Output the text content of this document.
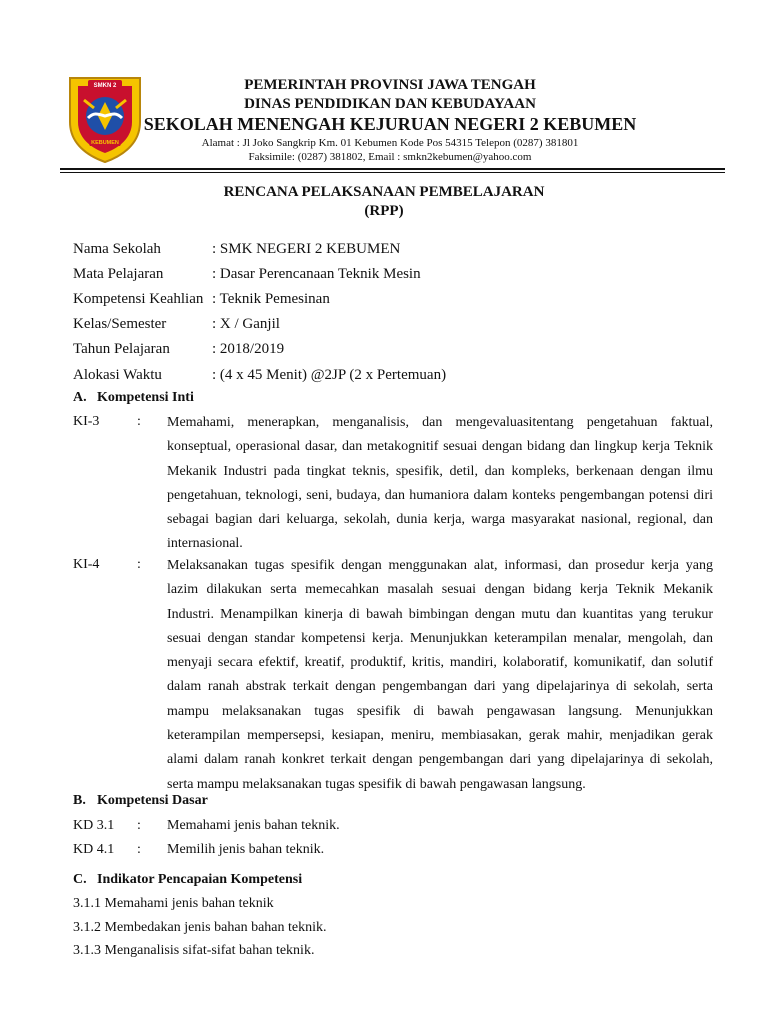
SMKN 2
KEBUMEN
PEMERINTAH PROVINSI JAWA TENGAH
DINAS PENDIDIKAN DAN KEBUDAYAAN
SEKOLAH MENENGAH KEJURUAN NEGERI 2 KEBUMEN
Alamat : Jl Joko Sangkrip Km. 01 Kebumen Kode Pos 54315 Telepon (0287) 381801
Faksimile: (0287) 381802, Email : smkn2kebumen@yahoo.com
RENCANA PELAKSANAAN PEMBELAJARAN
(RPP)
Nama Sekolah	: SMK NEGERI 2 KEBUMEN
Mata Pelajaran	: Dasar Perencanaan Teknik Mesin
Kompetensi Keahlian : Teknik Pemesinan
Kelas/Semester	: X / Ganjil
Tahun Pelajaran	: 2018/2019
Alokasi Waktu	: (4 x 45 Menit) @2JP (2 x Pertemuan)
A. Kompetensi Inti
KI-3	: Memahami, menerapkan, menganalisis, dan mengevaluasitentang pengetahuan faktual, konseptual, operasional dasar, dan metakognitif sesuai dengan bidang dan lingkup kerja Teknik Mekanik Industri pada tingkat teknis, spesifik, detil, dan kompleks, berkenaan dengan ilmu pengetahuan, teknologi, seni, budaya, dan humaniora dalam konteks pengembangan potensi diri sebagai bagian dari keluarga, sekolah, dunia kerja, warga masyarakat nasional, regional, dan internasional.
KI-4	: Melaksanakan tugas spesifik dengan menggunakan alat, informasi, dan prosedur kerja yang lazim dilakukan serta memecahkan masalah sesuai dengan bidang kerja Teknik Mekanik Industri. Menampilkan kinerja di bawah bimbingan dengan mutu dan kuantitas yang terukur sesuai dengan standar kompetensi kerja. Menunjukkan keterampilan menalar, mengolah, dan menyaji secara efektif, kreatif, produktif, kritis, mandiri, kolaboratif, komunikatif, dan solutif dalam ranah abstrak terkait dengan pengembangan dari yang dipelajarinya di sekolah, serta mampu melaksanakan tugas spesifik di bawah pengawasan langsung. Menunjukkan keterampilan mempersepsi, kesiapan, meniru, membiasakan, gerak mahir, menjadikan gerak alami dalam ranah konkret terkait dengan pengembangan dari yang dipelajarinya di sekolah, serta mampu melaksanakan tugas spesifik di bawah pengawasan langsung.
B. Kompetensi Dasar
KD 3.1 : Memahami jenis bahan teknik.
KD 4.1 : Memilih jenis bahan teknik.
C. Indikator Pencapaian Kompetensi
3.1.1 Memahami jenis bahan teknik
3.1.2 Membedakan jenis bahan bahan teknik.
3.1.3 Menganalisis sifat-sifat bahan teknik.
